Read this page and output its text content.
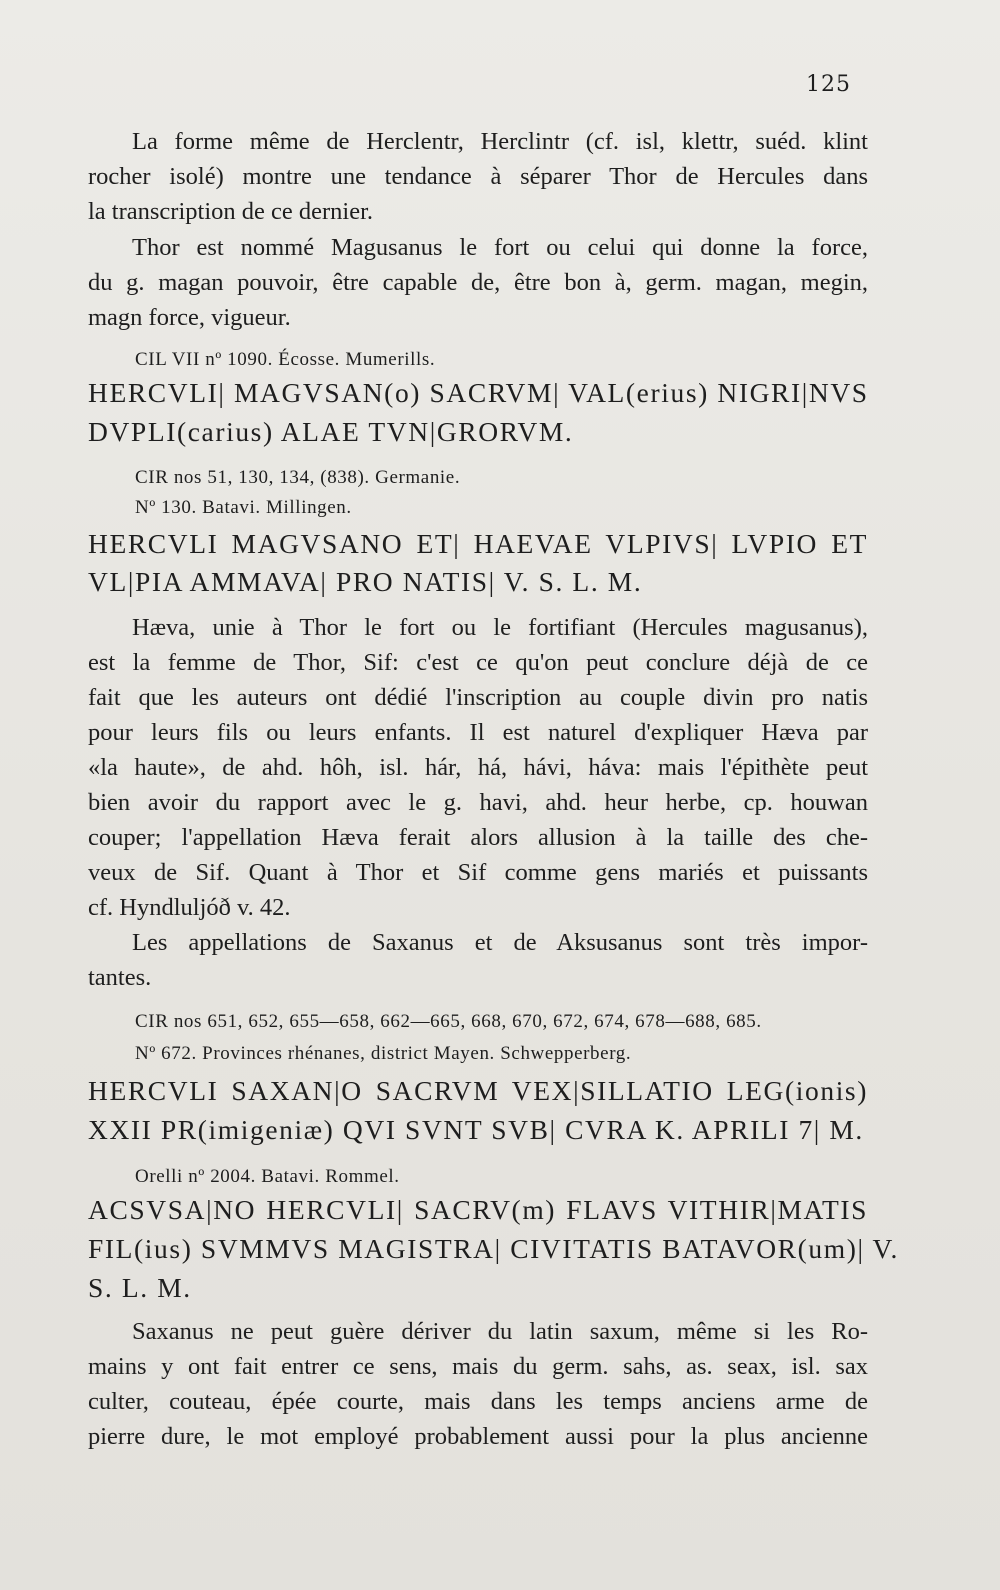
125
La forme même de Herclentr, Herclintr (cf. isl, klettr, suéd. klint
rocher isolé) montre une tendance à séparer Thor de Hercules dans
la transcription de ce dernier.
Thor est nommé Magusanus le fort ou celui qui donne la force,
du g. magan pouvoir, être capable de, être bon à, germ. magan, megin,
magn force, vigueur.
CIL VII nº 1090. Écosse. Mumerills.
HERCVLI| MAGVSAN(o) SACRVM| VAL(erius) NIGRI|NVS
DVPLI(carius) ALAE TVN|GRORVM.
CIR nos 51, 130, 134, (838). Germanie.
Nº 130. Batavi. Millingen.
HERCVLI MAGVSANO ET| HAEVAE VLPIVS| LVPIO ET
VL|PIA AMMAVA| PRO NATIS| V. S. L. M.
Hæva, unie à Thor le fort ou le fortifiant (Hercules magusanus),
est la femme de Thor, Sif: c'est ce qu'on peut conclure déjà de ce
fait que les auteurs ont dédié l'inscription au couple divin pro natis
pour leurs fils ou leurs enfants. Il est naturel d'expliquer Hæva par
«la haute», de ahd. hôh, isl. hár, há, hávi, háva: mais l'épithète peut
bien avoir du rapport avec le g. havi, ahd. heur herbe, cp. houwan
couper; l'appellation Hæva ferait alors allusion à la taille des che-
veux de Sif. Quant à Thor et Sif comme gens mariés et puissants
cf. Hyndluljóð v. 42.
Les appellations de Saxanus et de Aksusanus sont très impor-
tantes.
CIR nos 651, 652, 655—658, 662—665, 668, 670, 672, 674, 678—688, 685.
Nº 672. Provinces rhénanes, district Mayen. Schwepperberg.
HERCVLI SAXAN|O SACRVM VEX|SILLATIO LEG(ionis)
XXII PR(imigeniæ) QVI SVNT SVB| CVRA K. APRILI 7| M.
Orelli nº 2004. Batavi. Rommel.
ACSVSA|NO HERCVLI| SACRV(m) FLAVS VITHIR|MATIS
FIL(ius) SVMMVS MAGISTRA| CIVITATIS BATAVOR(um)| V.
S. L. M.
Saxanus ne peut guère dériver du latin saxum, même si les Ro-
mains y ont fait entrer ce sens, mais du germ. sahs, as. seax, isl. sax
culter, couteau, épée courte, mais dans les temps anciens arme de
pierre dure, le mot employé probablement aussi pour la plus ancienne
